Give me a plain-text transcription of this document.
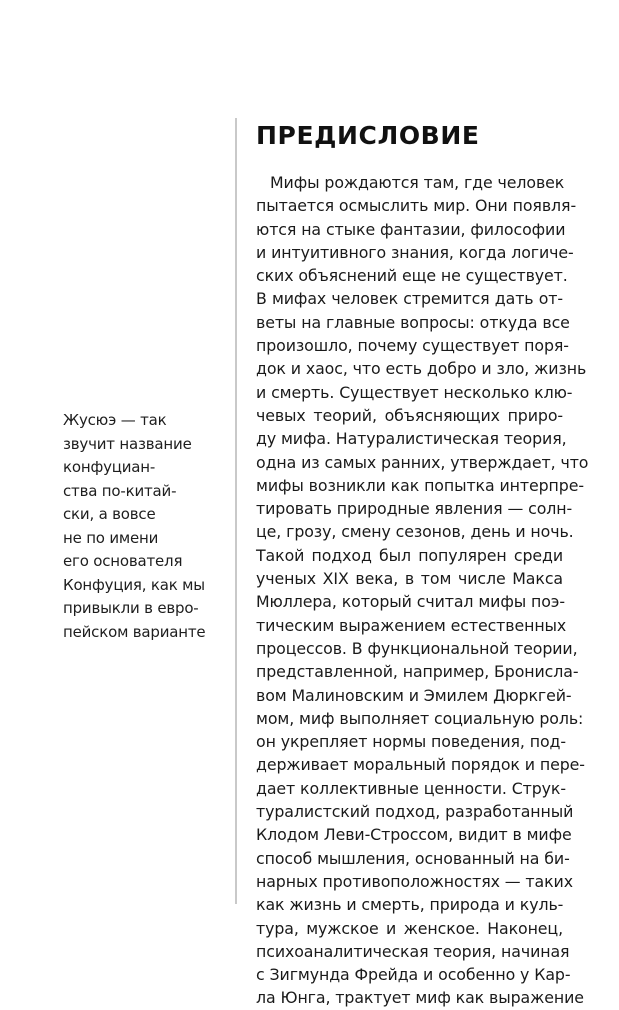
Жусюэ — так
звучит название
конфуциан-
ства по-китай-
ски, а вовсе
не по имени
его основателя
Конфуция, как мы
привыкли в евро-
пейском варианте
ПРЕДИСЛОВИЕ
Мифы рождаются там, где человек
пытается осмыслить мир. Они появля-
ются на стыке фантазии, философии
и интуитивного знания, когда логиче-
ских объяснений еще не существует.
В мифах человек стремится дать от-
веты на главные вопросы: откуда все
произошло, почему существует поря-
док и хаос, что есть добро и зло, жизнь
и смерть. Существует несколько клю-
чевых теорий, объясняющих приро-
ду мифа. Натуралистическая теория,
одна из самых ранних, утверждает, что
мифы возникли как попытка интерпре-
тировать природные явления — солн-
це, грозу, смену сезонов, день и ночь.
Такой подход был популярен среди
ученых XIX века, в том числе Макса
Мюллера, который считал мифы поэ-
тическим выражением естественных
процессов. В функциональной теории,
представленной, например, Бронисла-
вом Малиновским и Эмилем Дюркгей-
мом, миф выполняет социальную роль:
он укрепляет нормы поведения, под-
держивает моральный порядок и пере-
дает коллективные ценности. Струк-
туралистский подход, разработанный
Клодом Леви-Строссом, видит в мифе
способ мышления, основанный на би-
нарных противоположностях — таких
как жизнь и смерть, природа и куль-
тура, мужское и женское. Наконец,
психоаналитическая теория, начиная
с Зигмунда Фрейда и особенно у Кар-
ла Юнга, трактует миф как выражение
